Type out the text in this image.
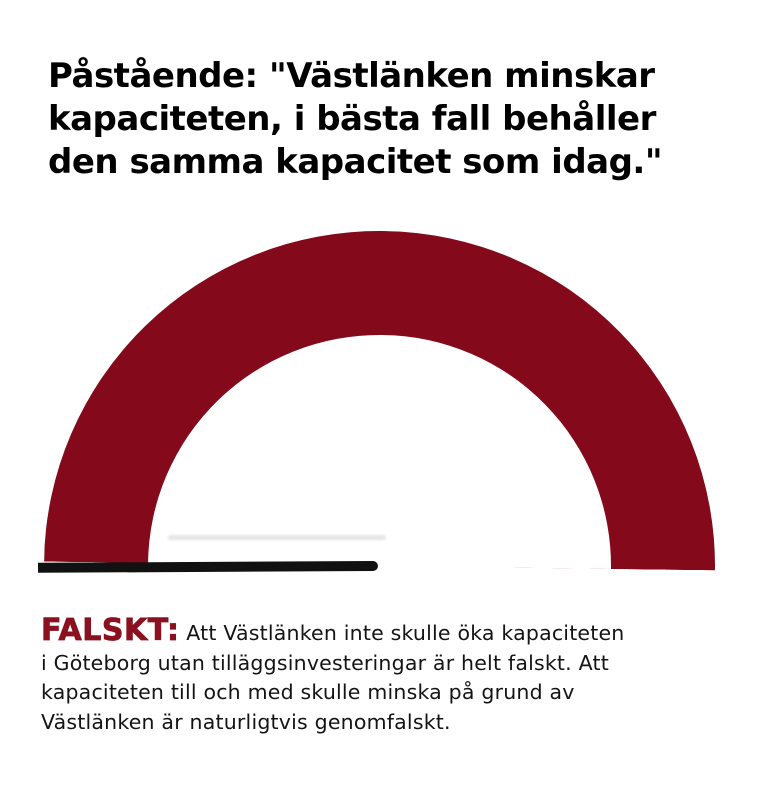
Påstående: "Västlänken minskar
kapaciteten, i bästa fall behåller
den samma kapacitet som idag."

FALSKT: Att Västlänken inte skulle öka kapaciteten
i Göteborg utan tilläggsinvesteringar är helt falskt. Att
kapaciteten till och med skulle minska på grund av
Västlänken är naturligtvis genomfalskt.
